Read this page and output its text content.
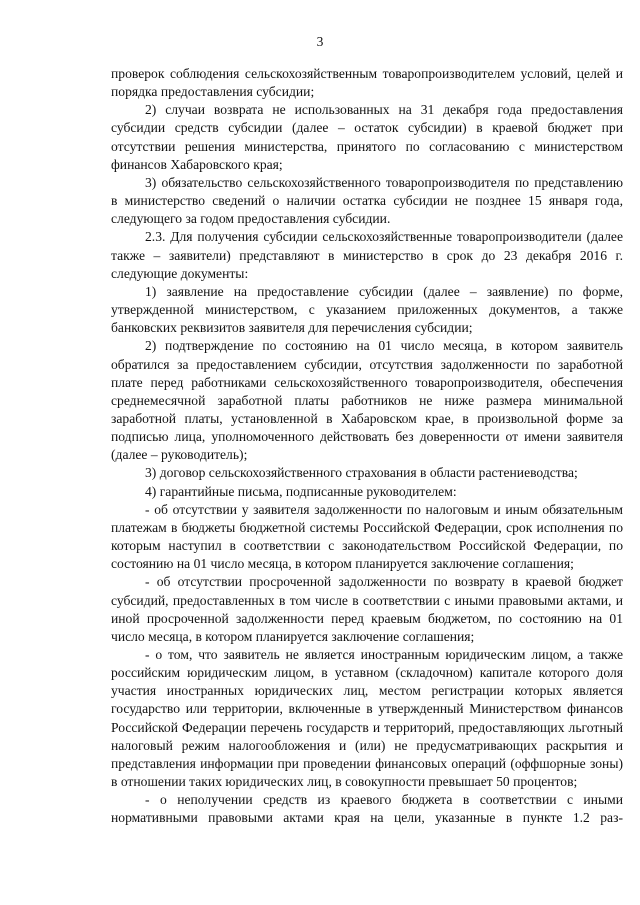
3

проверок соблюдения сельскохозяйственным товаропроизводителем условий, целей и порядка предоставления субсидии;

2) случаи возврата не использованных на 31 декабря года предоставления субсидии средств субсидии (далее – остаток субсидии) в краевой бюджет при отсутствии решения министерства, принятого по согласованию с министерством финансов Хабаровского края;

3) обязательство сельскохозяйственного товаропроизводителя по представлению в министерство сведений о наличии остатка субсидии не позднее 15 января года, следующего за годом предоставления субсидии.

2.3. Для получения субсидии сельскохозяйственные товаропроизводители (далее также – заявители) представляют в министерство в срок до 23 декабря 2016 г. следующие документы:

1) заявление на предоставление субсидии (далее – заявление) по форме, утвержденной министерством, с указанием приложенных документов, а также банковских реквизитов заявителя для перечисления субсидии;

2) подтверждение по состоянию на 01 число месяца, в котором заявитель обратился за предоставлением субсидии, отсутствия задолженности по заработной плате перед работниками сельскохозяйственного товаропроизводителя, обеспечения среднемесячной заработной платы работников не ниже размера минимальной заработной платы, установленной в Хабаровском крае, в произвольной форме за подписью лица, уполномоченного действовать без доверенности от имени заявителя (далее – руководитель);

3) договор сельскохозяйственного страхования в области растениеводства;

4) гарантийные письма, подписанные руководителем:

- об отсутствии у заявителя задолженности по налоговым и иным обязательным платежам в бюджеты бюджетной системы Российской Федерации, срок исполнения по которым наступил в соответствии с законодательством Российской Федерации, по состоянию на 01 число месяца, в котором планируется заключение соглашения;

- об отсутствии просроченной задолженности по возврату в краевой бюджет субсидий, предоставленных в том числе в соответствии с иными правовыми актами, и иной просроченной задолженности перед краевым бюджетом, по состоянию на 01 число месяца, в котором планируется заключение соглашения;

- о том, что заявитель не является иностранным юридическим лицом, а также российским юридическим лицом, в уставном (складочном) капитале которого доля участия иностранных юридических лиц, местом регистрации которых является государство или территории, включенные в утвержденный Министерством финансов Российской Федерации перечень государств и территорий, предоставляющих льготный налоговый режим налогообложения и (или) не предусматривающих раскрытия и представления информации при проведении финансовых операций (оффшорные зоны) в отношении таких юридических лиц, в совокупности превышает 50 процентов;

- о неполучении средств из краевого бюджета в соответствии с иными нормативными правовыми актами края на цели, указанные в пункте 1.2 раз-
